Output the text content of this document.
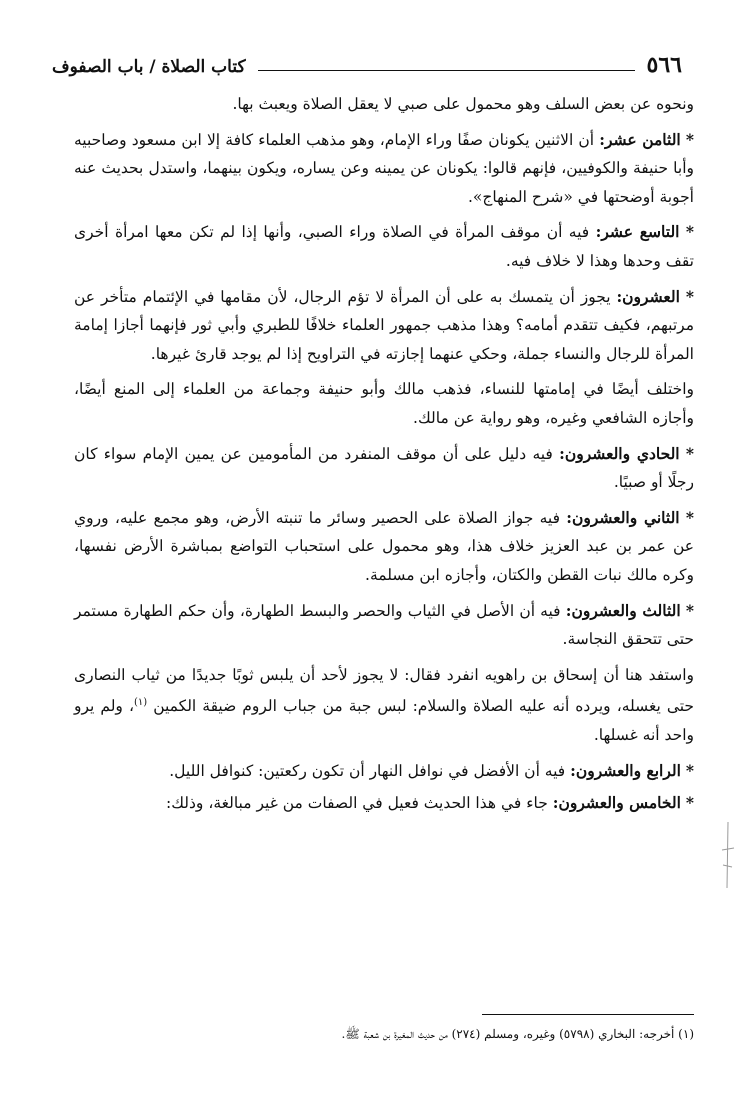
٥٦٦
كتاب الصلاة / باب الصفوف

ونحوه عن بعض السلف وهو محمول على صبي لا يعقل الصلاة ويعبث بها.

* الثامن عشر: أن الاثنين يكونان صفًا وراء الإمام، وهو مذهب العلماء كافة إلا ابن مسعود وصاحبيه وأبا حنيفة والكوفيين، فإنهم قالوا: يكونان عن يمينه وعن يساره، ويكون بينهما، واستدل بحديث عنه أجوبة أوضحتها في «شرح المنهاج».

* التاسع عشر: فيه أن موقف المرأة في الصلاة وراء الصبي، وأنها إذا لم تكن معها امرأة أخرى تقف وحدها وهذا لا خلاف فيه.

* العشرون: يجوز أن يتمسك به على أن المرأة لا تؤم الرجال، لأن مقامها في الإئتمام متأخر عن مرتبهم، فكيف تتقدم أمامه؟ وهذا مذهب جمهور العلماء خلافًا للطبري وأبي ثور فإنهما أجازا إمامة المرأة للرجال والنساء جملة، وحكي عنهما إجازته في التراويح إذا لم يوجد قارئ غيرها.

واختلف أيضًا في إمامتها للنساء، فذهب مالك وأبو حنيفة وجماعة من العلماء إلى المنع أيضًا، وأجازه الشافعي وغيره، وهو رواية عن مالك.

* الحادي والعشرون: فيه دليل على أن موقف المنفرد من المأمومين عن يمين الإمام سواء كان رجلًا أو صبيًا.

* الثاني والعشرون: فيه جواز الصلاة على الحصير وسائر ما تنبته الأرض، وهو مجمع عليه، وروي عن عمر بن عبد العزيز خلاف هذا، وهو محمول على استحباب التواضع بمباشرة الأرض نفسها، وكره مالك نبات القطن والكتان، وأجازه ابن مسلمة.

* الثالث والعشرون: فيه أن الأصل في الثياب والحصر والبسط الطهارة، وأن حكم الطهارة مستمر حتى تتحقق النجاسة.

واستفد هنا أن إسحاق بن راهويه انفرد فقال: لا يجوز لأحد أن يلبس ثوبًا جديدًا من ثياب النصارى حتى يغسله، ويرده أنه عليه الصلاة والسلام: لبس جبة من جباب الروم ضيقة الكمين $^{(١)}$، ولم يرو واحد أنه غسلها.

* الرابع والعشرون: فيه أن الأفضل في نوافل النهار أن تكون ركعتين: كنوافل الليل.

* الخامس والعشرون: جاء في هذا الحديث فعيل في الصفات من غير مبالغة، وذلك:

(١) أخرجه: البخاري (٥٧٩٨) وغيره، ومسلم (٢٧٤) من حديث المغيرة بن شعبة ﷺ.
